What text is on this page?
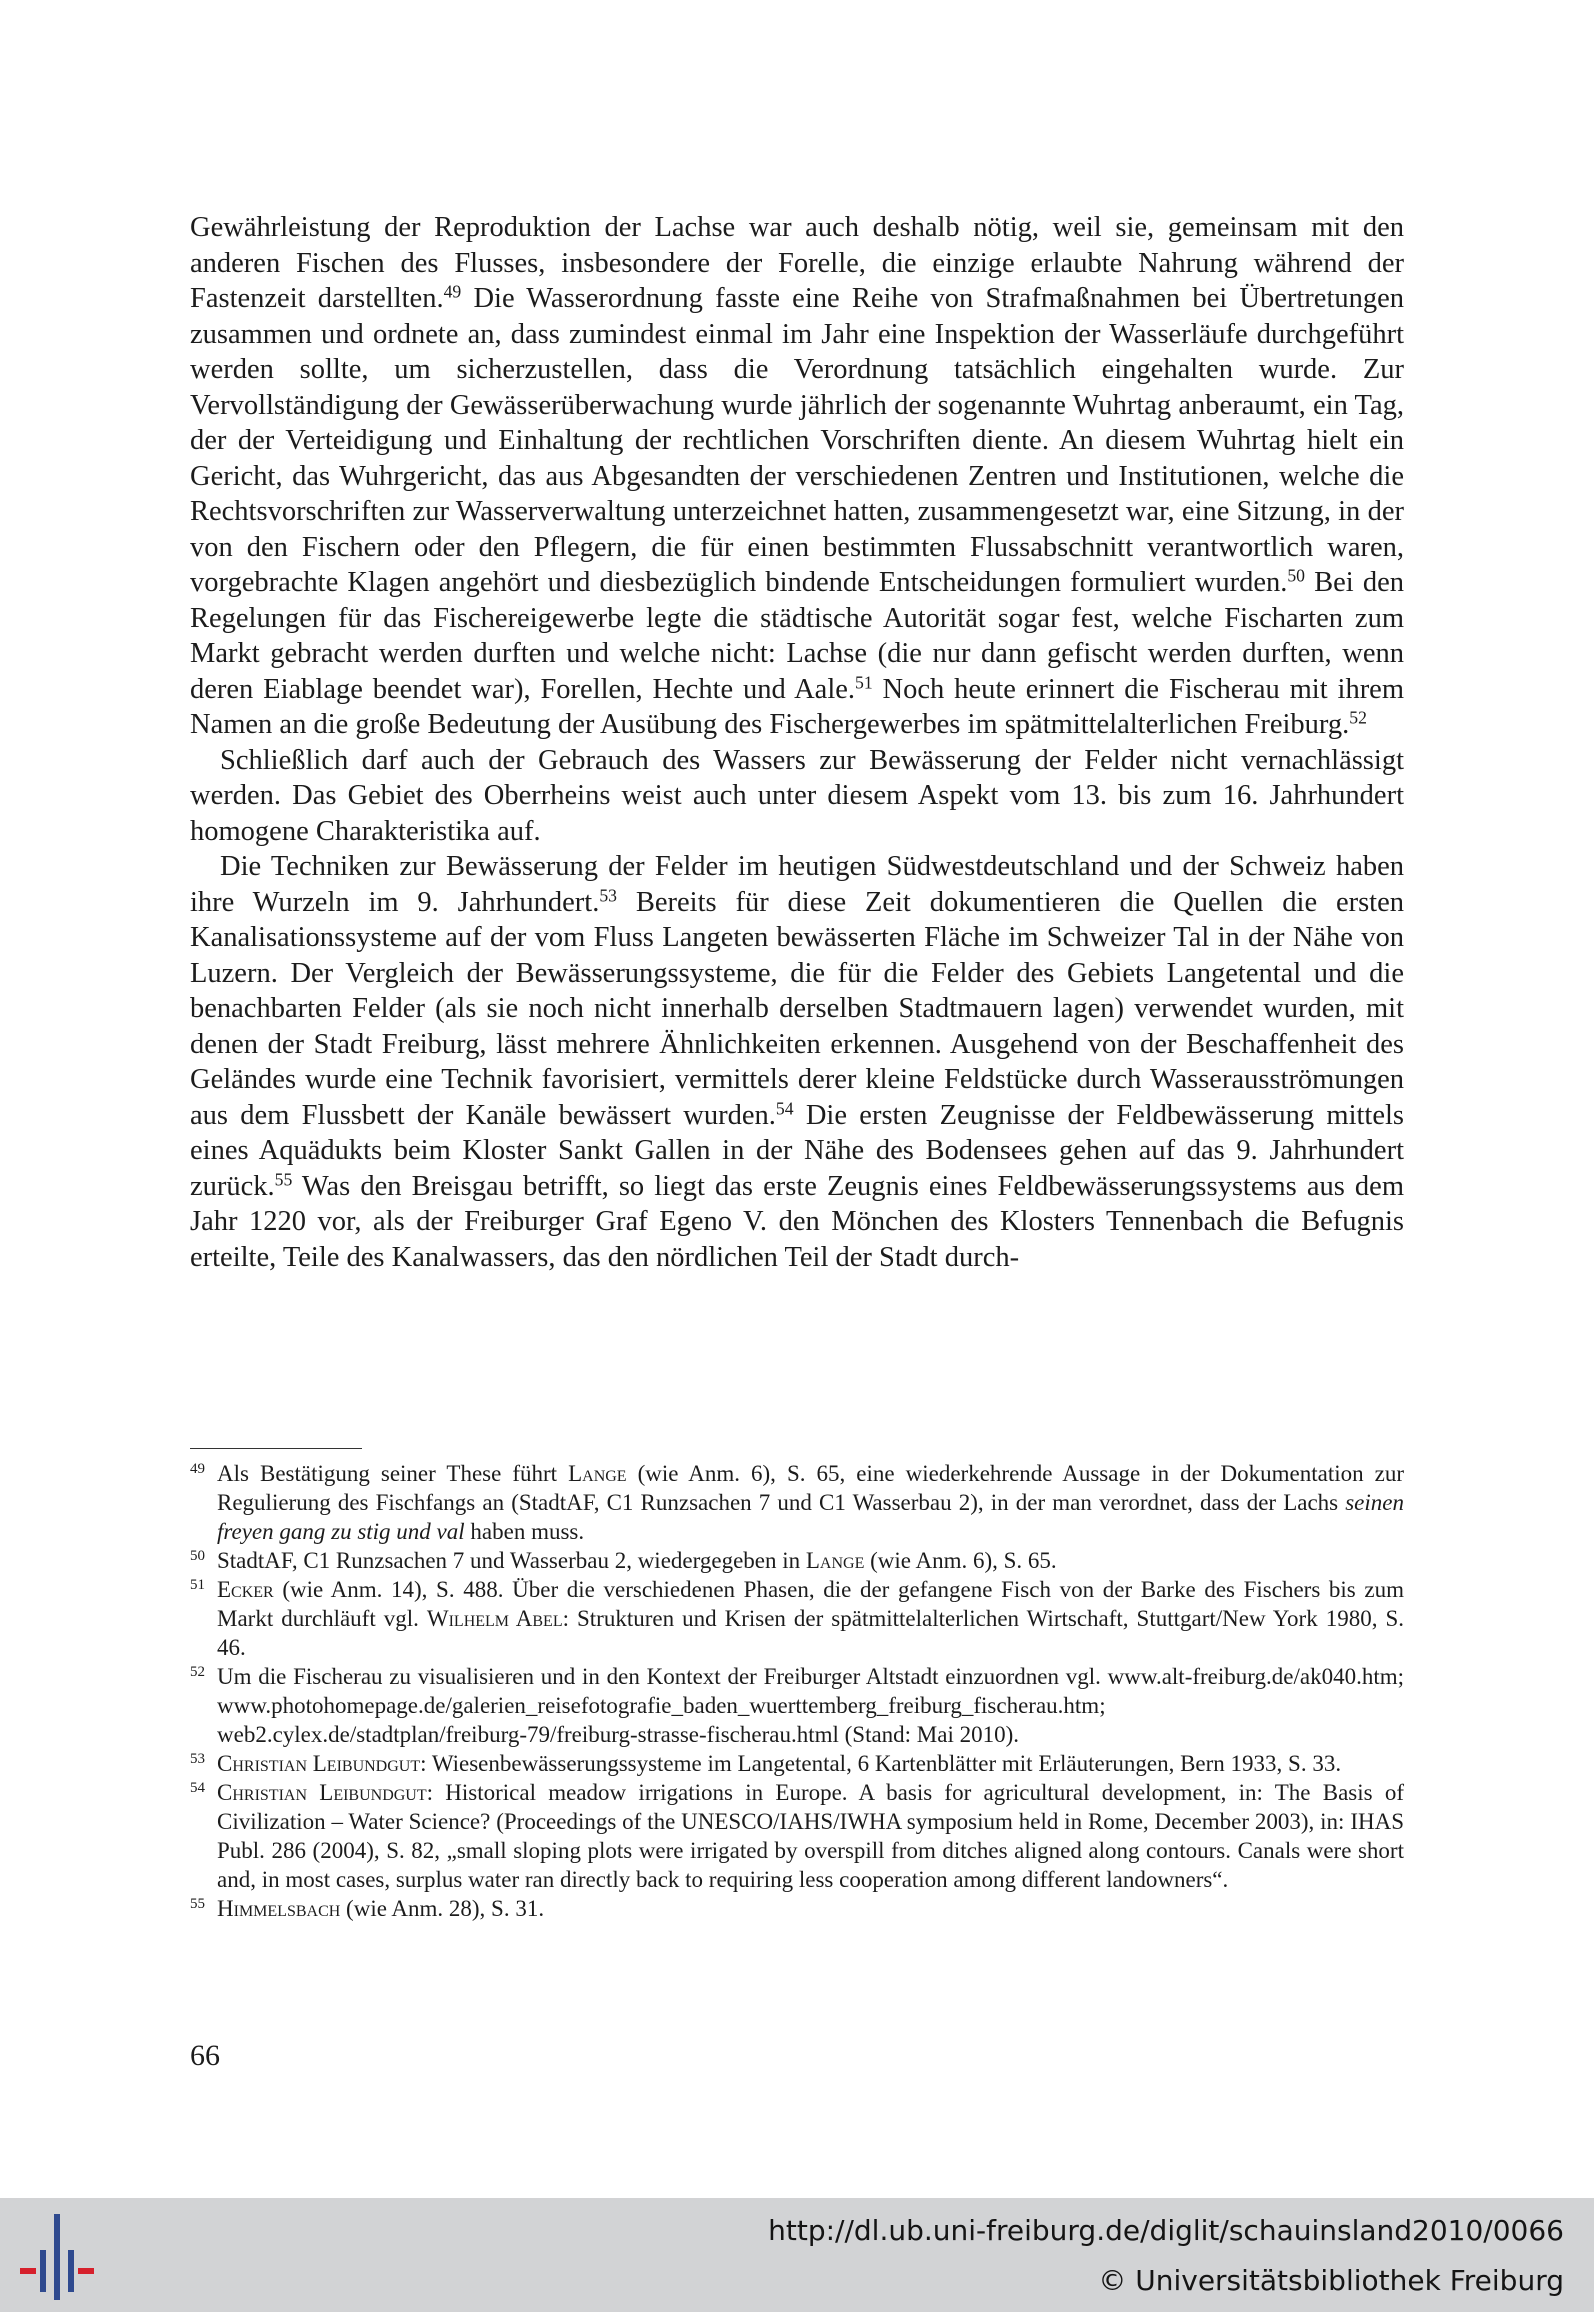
Gewährleistung der Reproduktion der Lachse war auch deshalb nötig, weil sie, gemeinsam mit den anderen Fischen des Flusses, insbesondere der Forelle, die einzige erlaubte Nahrung während der Fastenzeit darstellten.$^{49}$ Die Wasserordnung fasste eine Reihe von Strafmaßnahmen bei Übertretungen zusammen und ordnete an, dass zumindest einmal im Jahr eine Inspektion der Wasserläufe durchgeführt werden sollte, um sicherzustellen, dass die Verordnung tatsächlich eingehalten wurde. Zur Vervollständigung der Gewässerüberwachung wurde jährlich der sogenannte Wuhrtag anberaumt, ein Tag, der der Verteidigung und Einhaltung der rechtlichen Vorschriften diente. An diesem Wuhrtag hielt ein Gericht, das Wuhrgericht, das aus Abgesandten der verschiedenen Zentren und Institutionen, welche die Rechtsvorschriften zur Wasserverwaltung unterzeichnet hatten, zusammengesetzt war, eine Sitzung, in der von den Fischern oder den Pflegern, die für einen bestimmten Flussabschnitt verantwortlich waren, vorgebrachte Klagen angehört und diesbezüglich bindende Entscheidungen formuliert wurden.$^{50}$ Bei den Regelungen für das Fischereigewerbe legte die städtische Autorität sogar fest, welche Fischarten zum Markt gebracht werden durften und welche nicht: Lachse (die nur dann gefischt werden durften, wenn deren Eiablage beendet war), Forellen, Hechte und Aale.$^{51}$ Noch heute erinnert die Fischerau mit ihrem Namen an die große Bedeutung der Ausübung des Fischergewerbes im spätmittelalterlichen Freiburg.$^{52}$

Schließlich darf auch der Gebrauch des Wassers zur Bewässerung der Felder nicht vernachlässigt werden. Das Gebiet des Oberrheins weist auch unter diesem Aspekt vom 13. bis zum 16. Jahrhundert homogene Charakteristika auf.

Die Techniken zur Bewässerung der Felder im heutigen Südwestdeutschland und der Schweiz haben ihre Wurzeln im 9. Jahrhundert.$^{53}$ Bereits für diese Zeit dokumentieren die Quellen die ersten Kanalisationssysteme auf der vom Fluss Langeten bewässerten Fläche im Schweizer Tal in der Nähe von Luzern. Der Vergleich der Bewässerungssysteme, die für die Felder des Gebiets Langetental und die benachbarten Felder (als sie noch nicht innerhalb derselben Stadtmauern lagen) verwendet wurden, mit denen der Stadt Freiburg, lässt mehrere Ähnlichkeiten erkennen. Ausgehend von der Beschaffenheit des Geländes wurde eine Technik favorisiert, vermittels derer kleine Feldstücke durch Wasserausströmungen aus dem Flussbett der Kanäle bewässert wurden.$^{54}$ Die ersten Zeugnisse der Feldbewässerung mittels eines Aquädukts beim Kloster Sankt Gallen in der Nähe des Bodensees gehen auf das 9. Jahrhundert zurück.$^{55}$ Was den Breisgau betrifft, so liegt das erste Zeugnis eines Feldbewässerungssystems aus dem Jahr 1220 vor, als der Freiburger Graf Egeno V. den Mönchen des Klosters Tennenbach die Befugnis erteilte, Teile des Kanalwassers, das den nördlichen Teil der Stadt durch-

49 Als Bestätigung seiner These führt Lange (wie Anm. 6), S. 65, eine wiederkehrende Aussage in der Dokumentation zur Regulierung des Fischfangs an (StadtAF, C1 Runzsachen 7 und C1 Wasserbau 2), in der man verordnet, dass der Lachs seinen freyen gang zu stig und val haben muss.
50 StadtAF, C1 Runzsachen 7 und Wasserbau 2, wiedergegeben in Lange (wie Anm. 6), S. 65.
51 Ecker (wie Anm. 14), S. 488. Über die verschiedenen Phasen, die der gefangene Fisch von der Barke des Fischers bis zum Markt durchläuft vgl. Wilhelm Abel: Strukturen und Krisen der spätmittelalterlichen Wirtschaft, Stuttgart/New York 1980, S. 46.
52 Um die Fischerau zu visualisieren und in den Kontext der Freiburger Altstadt einzuordnen vgl. www.alt-freiburg.de/ak040.htm; www.photohomepage.de/galerien_reisefotografie_baden_wuerttemberg_freiburg_fischerau.htm; web2.cylex.de/stadtplan/freiburg-79/freiburg-strasse-fischerau.html (Stand: Mai 2010).
53 Christian Leibundgut: Wiesenbewässerungssysteme im Langetental, 6 Kartenblätter mit Erläuterungen, Bern 1933, S. 33.
54 Christian Leibundgut: Historical meadow irrigations in Europe. A basis for agricultural development, in: The Basis of Civilization – Water Science? (Proceedings of the UNESCO/IAHS/IWHA symposium held in Rome, December 2003), in: IHAS Publ. 286 (2004), S. 82, „small sloping plots were irrigated by overspill from ditches aligned along contours. Canals were short and, in most cases, surplus water ran directly back to requiring less cooperation among different landowners“.
55 Himmelsbach (wie Anm. 28), S. 31.
66
http://dl.ub.uni-freiburg.de/diglit/schauinsland2010/0066
© Universitätsbibliothek Freiburg
